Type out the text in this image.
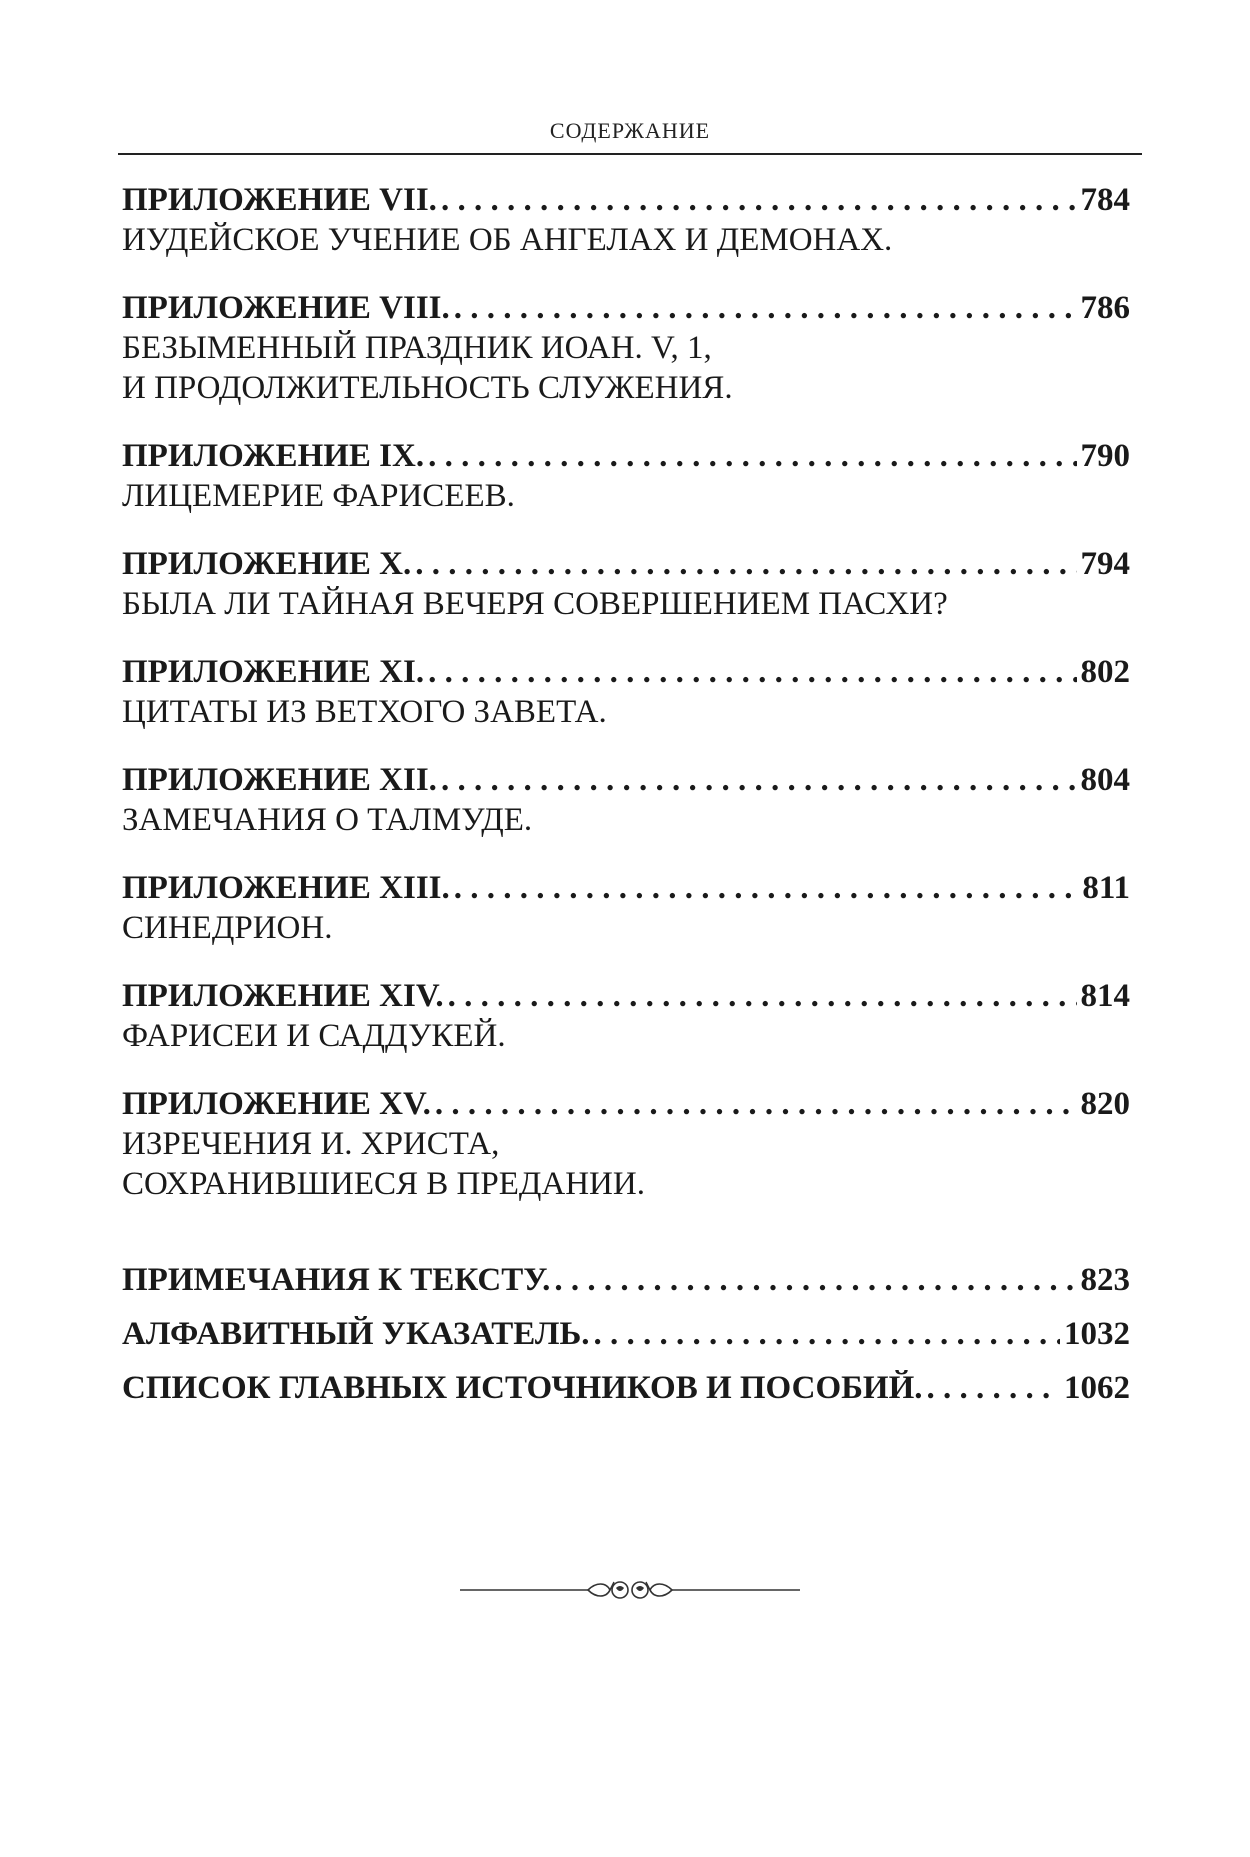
СОДЕРЖАНИЕ
ПРИЛОЖЕНИЕ VII. . . .	784
ИУДЕЙСКОЕ УЧЕНИЕ ОБ АНГЕЛАХ И ДЕМОНАХ.
ПРИЛОЖЕНИЕ VIII. . . .	786
БЕЗЫМЕННЫЙ ПРАЗДНИК ИОАН. V, 1,
И ПРОДОЛЖИТЕЛЬНОСТЬ СЛУЖЕНИЯ.
ПРИЛОЖЕНИЕ IX. . . .	790
ЛИЦЕМЕРИЕ ФАРИСЕЕВ.
ПРИЛОЖЕНИЕ X. . . .	794
БЫЛА ЛИ ТАЙНАЯ ВЕЧЕРЯ СОВЕРШЕНИЕМ ПАСХИ?
ПРИЛОЖЕНИЕ XI. . . .	802
ЦИТАТЫ ИЗ ВЕТХОГО ЗАВЕТА.
ПРИЛОЖЕНИЕ XII. . . .	804
ЗАМЕЧАНИЯ О ТАЛМУДЕ.
ПРИЛОЖЕНИЕ XIII. . . .	811
СИНЕДРИОН.
ПРИЛОЖЕНИЕ XIV. . . .	814
ФАРИСЕИ И САДДУКЕЙ.
ПРИЛОЖЕНИЕ XV. . . .	820
ИЗРЕЧЕНИЯ И. ХРИСТА,
СОХРАНИВШИЕСЯ В ПРЕДАНИИ.
ПРИМЕЧАНИЯ К ТЕКСТУ. . . .	823
АЛФАВИТНЫЙ УКАЗАТЕЛЬ. . . .	1032
СПИСОК ГЛАВНЫХ ИСТОЧНИКОВ И ПОСОБИЙ. . . .	1062
